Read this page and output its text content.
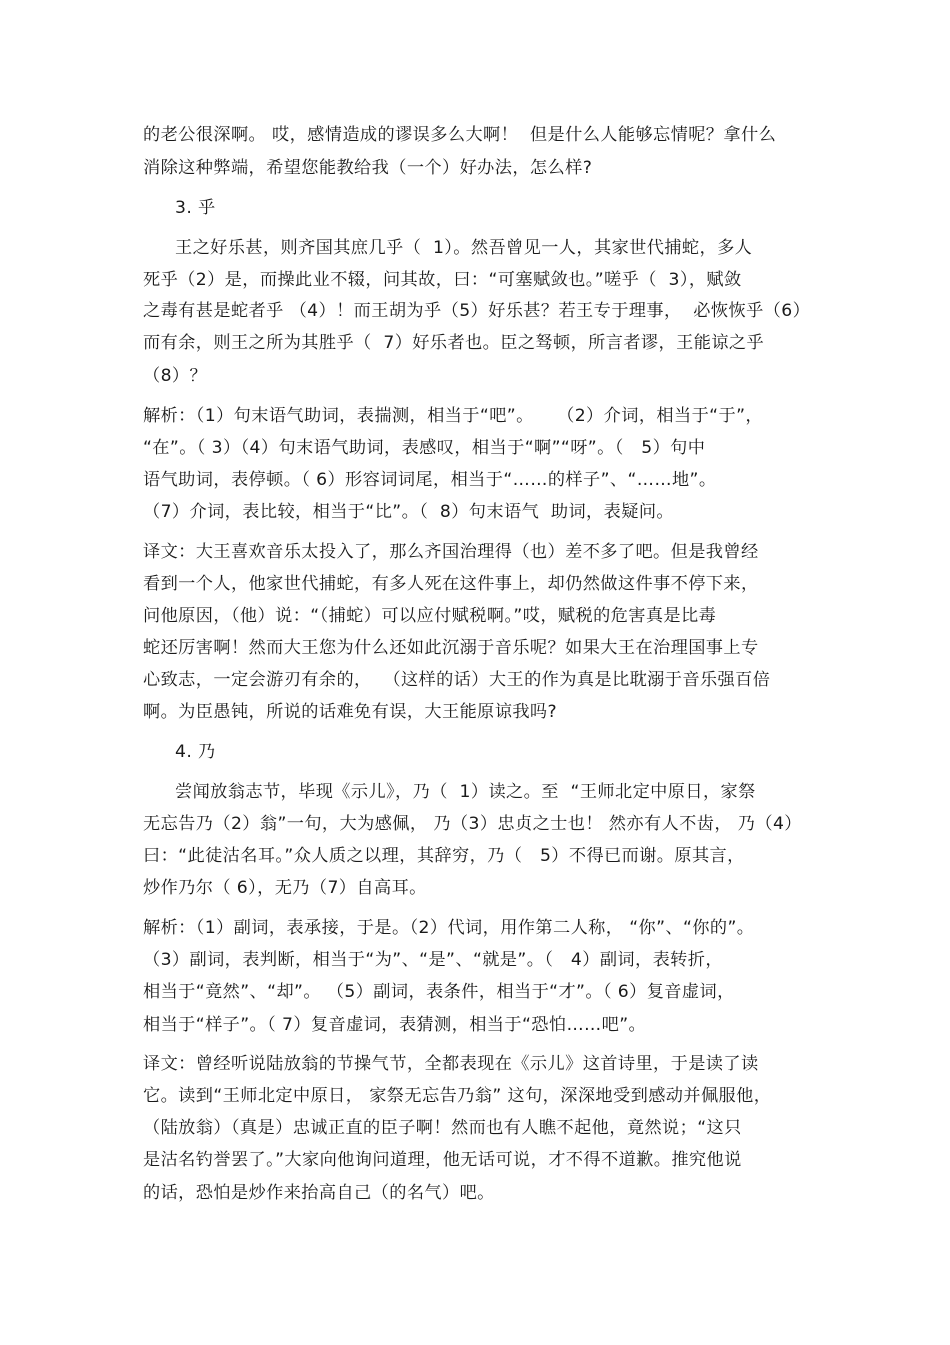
的老公很深啊。 哎，感情造成的谬误多么大啊！  但是什么人能够忘情呢？拿什么
消除这种弊端，希望您能教给我（一个）好办法，怎么样?
3. 乎
王之好乐甚，则齐国其庶几乎（  1）。然吾曾见一人，其家世代捕蛇，多人
死乎（2）是，而操此业不辍，问其故，曰：“可塞赋敛也。”嗟乎（  3），赋敛
之毒有甚是蛇者乎 （4）！而王胡为乎（5）好乐甚？若王专于理事，  必恢恢乎（6）
而有余，则王之所为其胜乎（  7）好乐者也。臣之驽顿，所言者谬，王能谅之乎
（8）？
解析：（1）句末语气助词，表揣测，相当于“吧”。    （2）介词，相当于“于”，
“在”。（ 3）（4）句末语气助词，表感叹，相当于“啊”“呀”。（   5）句中
语气助词，表停顿。（ 6）形容词词尾，相当于“……的样子”、“……地”。
（7）介词，表比较，相当于“比”。（  8）句末语气  助词，表疑问。
译文：大王喜欢音乐太投入了，那么齐国治理得（也）差不多了吧。但是我曾经
看到一个人，他家世代捕蛇，有多人死在这件事上，却仍然做这件事不停下来，
问他原因，（他）说：“（捕蛇）可以应付赋税啊。”哎，赋税的危害真是比毒
蛇还厉害啊！然而大王您为什么还如此沉溺于音乐呢？如果大王在治理国事上专
心致志，一定会游刃有余的，  （这样的话）大王的作为真是比耽溺于音乐强百倍
啊。为臣愚钝，所说的话难免有误，大王能原谅我吗?
4. 乃
尝闻放翁志节，毕现《示儿》，乃（  1）读之。至  “王师北定中原日，家祭
无忘告乃（2）翁”一句，大为感佩， 乃（3）忠贞之士也！ 然亦有人不齿， 乃（4）
曰：“此徒沽名耳。”众人质之以理，其辞穷，乃（   5）不得已而谢。原其言，
炒作乃尔（ 6），无乃（7）自高耳。
解析：（1）副词，表承接，于是。（2）代词，用作第二人称， “你”、“你的”。
（3）副词，表判断，相当于“为”、“是”、“就是”。（   4）副词，表转折，
相当于“竟然”、“却”。 （5）副词，表条件，相当于“才”。（ 6）复音虚词，
相当于“样子”。（ 7）复音虚词，表猜测，相当于“恐怕……吧”。
译文：曾经听说陆放翁的节操气节，全都表现在《示儿》这首诗里，于是读了读
它。读到“王师北定中原日， 家祭无忘告乃翁” 这句，深深地受到感动并佩服他，
（陆放翁）（真是）忠诚正直的臣子啊！然而也有人瞧不起他，竟然说；“这只
是沽名钓誉罢了。”大家向他询问道理，他无话可说，才不得不道歉。推究他说
的话，恐怕是炒作来抬高自己（的名气）吧。
